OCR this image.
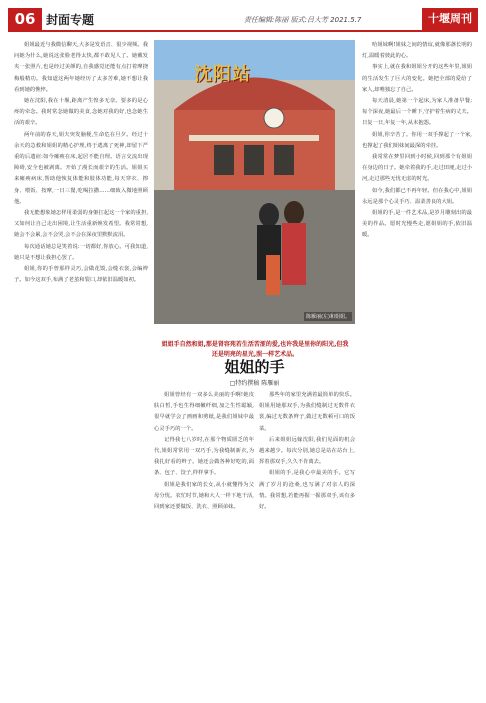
06 封面专题	责任编辑:陈丽 版式:吕大芳 2021.5.7	十堰周刊

姐姐最近与我微信聊天,大多是发语音、很少视频。我问她为什么,她说这张脸老得太快,都不敢见人了。她戴发夹一张照片,也是经过美颜的,自我感觉还能有点打着摩挠梅般精功。我知道这两年她经历了太多苦难,她不想让我看到她的憔悴。

她在沈阳,我在十堰,距离产生惶多无奈。要多的是心疼的牵念。我时常念她做的美食,念她对我的好,也念她生活的艰辛。

两年前的春天,姐夫突发脑梗,生命危在旦夕。经过十余天的急救和姐姐的精心护理,终于逃离了死神,却留下严重的后遗症:如今瘫痪在床,起居不能自理。语言交流出现障碍,安全也被剥离。开始了漫长而艰辛的生活。姐姐买来瘫痪病床,帮助他恢复体能和肢体功能,每天穿衣、擦身、喂饭、按摩,一日三餐,吃喝拉撒……细致入微地照顾他。

我无能想象她怎样用柔弱的身躯扛起这一个家的重担,又如何让自己走出困境,让生活重新焕发希望。我常常想,她会不会累,会不会哭,会不会在深夜里默默流泪。

每次通话她总是笑着说:一切都好,你放心。可我知道,她只是不想让我担心罢了。

姐姐,你的手曾那样灵巧,会做花馍,会缝衣裳,会编辫子。如今这双手,布满了老茧和裂口,却依旧温暖如初。

沈阳站
陈雁丽(左)和姐姐。
姐姐手自然和姐,那是肾容苑若生活苦涩的爱,也许我是里你的阳光,但我还是明亮的星光,照一样艺术品。
姐姐的手
□特约撰稿 陈雁丽

姐姐曾经有一双多么美丽的手啊!她皮肤白皙,手也生得细嫩纤细,加之生性聪颖,很早就学会了画画和剪纸,是我们姐妹中最心灵手巧的一个。

记得我七八岁时,在那个物质匮乏的年代,姐姐常常用一双巧手,为我缝制新衣,为我扎好看的辫子。她还会做各种好吃的,面条、包子、饺子,样样拿手。

姐姐是我们家的长女,从小就懂得为父母分忧。农忙时节,她和大人一样下地干活,回到家还要做饭、洗衣、照顾弟妹。

那些年的家里充满着最简单的快乐。姐姐用她那双手,为我们缝制过无数件衣裳,编过无数条辫子,做过无数顿可口的饭菜。

后来姐姐远嫁沈阳,我们见面的机会越来越少。每次分别,她总是站在站台上,挥着那双手,久久不肯离去。

姐姐的手,是我心中最美的手。它写满了岁月的沧桑,也写满了对亲人的深情。我常想,若能再握一握那双手,该有多好。

哈姐妹啊!姐妹之间的情谊,就像那盏长明的灯,温暖着彼此的心。

事实上,就在我和姐姐分开的这些年里,姐姐的生活发生了巨大的变化。她把全部的爱给了家人,却唯独忘了自己。

每天清晨,她第一个起床,为家人准备早餐;每个深夜,她最后一个睡下,守护着生病的丈夫。日复一日,年复一年,从未抱怨。

姐姐,你辛苦了。你用一双手撑起了一个家,也撑起了我们姐妹间最深的牵挂。

我常常在梦里回到小时候,回到那个有姐姐在身边的日子。她牵着我的手,走过田埂,走过小河,走过那些无忧无虑的时光。

如今,我们都已不再年轻。但在我心中,姐姐永远是那个心灵手巧、温柔善良的大姐。

姐姐的手,是一件艺术品,是岁月雕刻出的最美的作品。愿时光慢些走,愿姐姐的手,依旧温暖。
